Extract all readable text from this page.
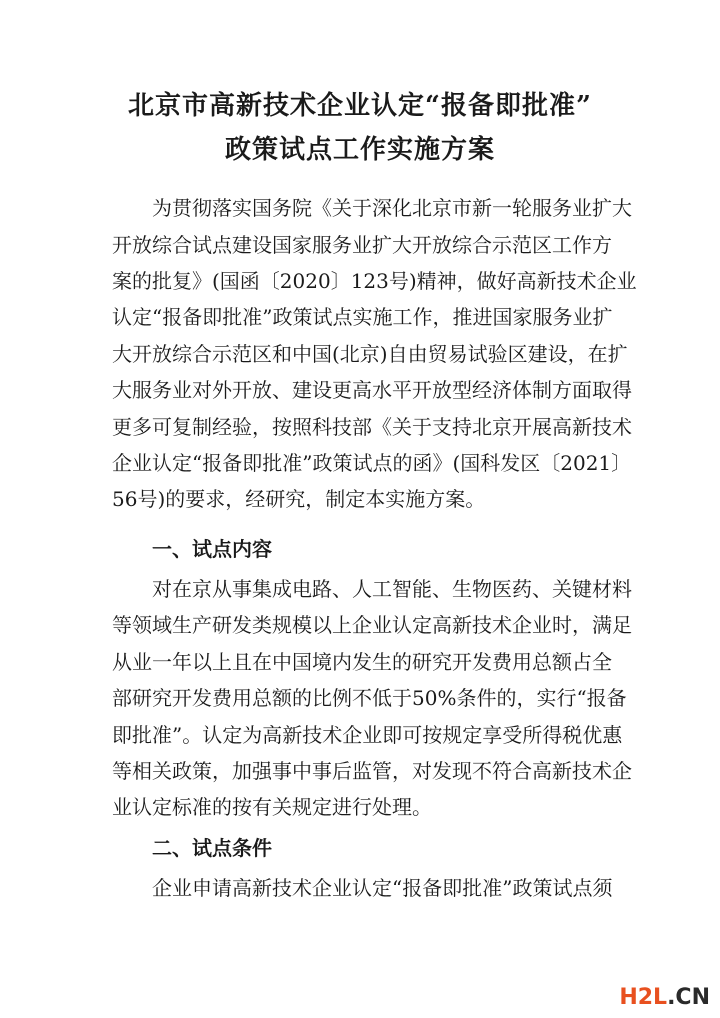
北京市高新技术企业认定“报备即批准”
政策试点工作实施方案
为贯彻落实国务院《关于深化北京市新一轮服务业扩大
开放综合试点建设国家服务业扩大开放综合示范区工作方
案的批复》(国函〔2020〕123号)精神，做好高新技术企业
认定“报备即批准”政策试点实施工作，推进国家服务业扩
大开放综合示范区和中国(北京)自由贸易试验区建设，在扩
大服务业对外开放、建设更高水平开放型经济体制方面取得
更多可复制经验，按照科技部《关于支持北京开展高新技术
企业认定“报备即批准”政策试点的函》(国科发区〔2021〕
56号)的要求，经研究，制定本实施方案。
一、试点内容
对在京从事集成电路、人工智能、生物医药、关键材料
等领域生产研发类规模以上企业认定高新技术企业时，满足
从业一年以上且在中国境内发生的研究开发费用总额占全
部研究开发费用总额的比例不低于50%条件的，实行“报备
即批准”。认定为高新技术企业即可按规定享受所得税优惠
等相关政策，加强事中事后监管，对发现不符合高新技术企
业认定标准的按有关规定进行处理。
二、试点条件
企业申请高新技术企业认定“报备即批准”政策试点须
H2L.CN
